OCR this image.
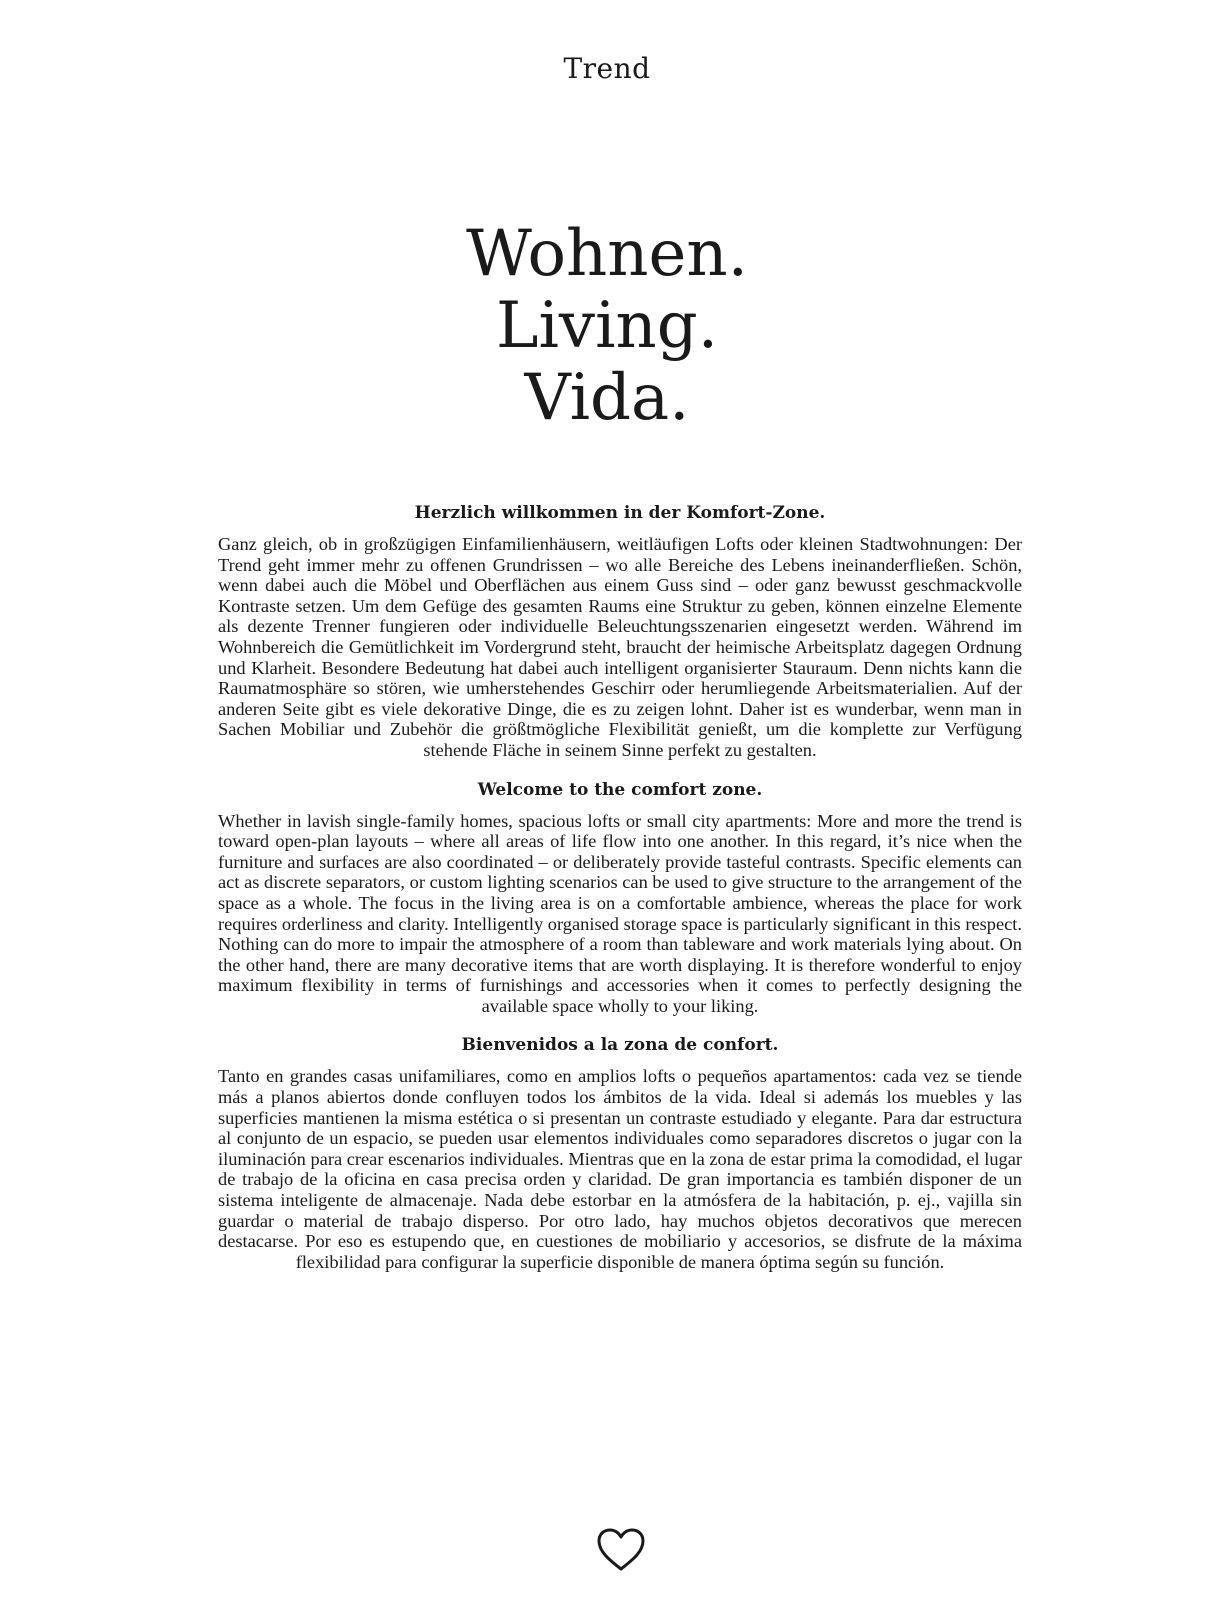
Trend
Wohnen.
Living.
Vida.
Herzlich willkommen in der Komfort-Zone.

Ganz gleich, ob in großzügigen Einfamilienhäusern, weitläufigen Lofts oder kleinen Stadtwohnungen: Der Trend geht immer mehr zu offenen Grundrissen – wo alle Bereiche des Lebens ineinanderfließen. Schön, wenn dabei auch die Möbel und Oberflächen aus einem Guss sind – oder ganz bewusst geschmackvolle Kontraste setzen. Um dem Gefüge des gesamten Raums eine Struktur zu geben, können einzelne Elemente als dezente Trenner fungieren oder individuelle Beleuchtungsszenarien eingesetzt werden. Während im Wohnbereich die Gemütlichkeit im Vordergrund steht, braucht der heimische Arbeitsplatz dagegen Ordnung und Klarheit. Besondere Bedeutung hat dabei auch intelligent organisierter Stauraum. Denn nichts kann die Raumatmosphäre so stören, wie umherstehendes Geschirr oder herumliegende Arbeitsmaterialien. Auf der anderen Seite gibt es viele dekorative Dinge, die es zu zeigen lohnt. Daher ist es wunderbar, wenn man in Sachen Mobiliar und Zubehör die größtmögliche Flexibilität genießt, um die komplette zur Verfügung stehende Fläche in seinem Sinne perfekt zu gestalten.

Welcome to the comfort zone.

Whether in lavish single-family homes, spacious lofts or small city apartments: More and more the trend is toward open-plan layouts – where all areas of life flow into one another. In this regard, it’s nice when the furniture and surfaces are also coordinated – or deliberately provide tasteful contrasts. Specific elements can act as discrete separators, or custom lighting scenarios can be used to give structure to the arrangement of the space as a whole. The focus in the living area is on a comfortable ambience, whereas the place for work requires orderliness and clarity. Intelligently organised storage space is particularly significant in this respect. Nothing can do more to impair the atmosphere of a room than tableware and work materials lying about. On the other hand, there are many decorative items that are worth displaying. It is therefore wonderful to enjoy maximum flexibility in terms of furnishings and accessories when it comes to perfectly designing the available space wholly to your liking.

Bienvenidos a la zona de confort.

Tanto en grandes casas unifamiliares, como en amplios lofts o pequeños apartamentos: cada vez se tiende más a planos abiertos donde confluyen todos los ámbitos de la vida. Ideal si además los muebles y las superficies mantienen la misma estética o si presentan un contraste estudiado y elegante. Para dar estructura al conjunto de un espacio, se pueden usar elementos individuales como separadores discretos o jugar con la iluminación para crear escenarios individuales. Mientras que en la zona de estar prima la comodidad, el lugar de trabajo de la oficina en casa precisa orden y claridad. De gran importancia es también disponer de un sistema inteligente de almacenaje. Nada debe estorbar en la atmósfera de la habitación, p. ej., vajilla sin guardar o material de trabajo disperso. Por otro lado, hay muchos objetos decorativos que merecen destacarse. Por eso es estupendo que, en cuestiones de mobiliario y accesorios, se disfrute de la máxima flexibilidad para configurar la superficie disponible de manera óptima según su función.
